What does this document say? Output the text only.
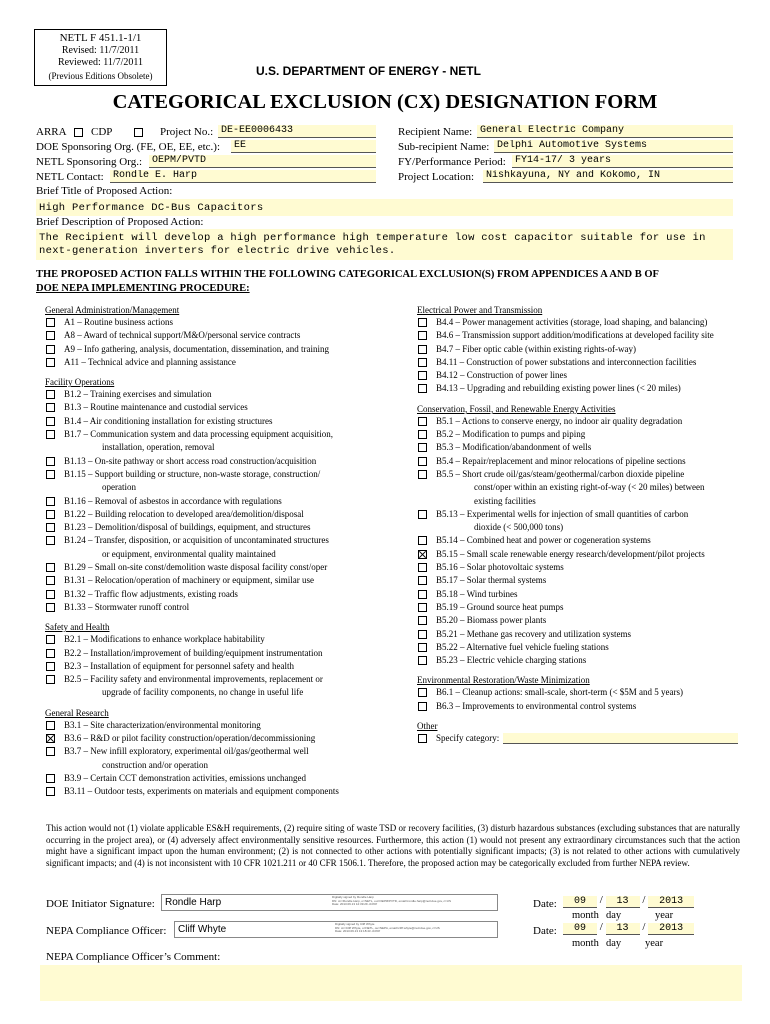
NETL F 451.1-1/1
Revised: 11/7/2011
Reviewed: 11/7/2011
(Previous Editions Obsolete)	U.S. DEPARTMENT OF ENERGY - NETL
CATEGORICAL EXCLUSION (CX) DESIGNATION FORM
ARRA
CDP	Project No.: DE-EE0006433
DOE Sponsoring Org. (FE, OE, EE, etc.):	EE
NETL Sponsoring Org.: OEPM/PVTD
NETL Contact: Rondle E. Harp
Recipient Name: General Electric Company
Sub-recipient Name: Delphi Automotive Systems
FY/Performance Period: FY14-17/ 3 years
Project Location:	Nishkayuna, NY and Kokomo, IN
Brief Title of Proposed Action:
High Performance DC-Bus Capacitors
Brief Description of Proposed Action:
The Recipient will develop a high performance high temperature low cost capacitor suitable for use in
next-generation inverters for electric drive vehicles.
THE PROPOSED ACTION FALLS WITHIN THE FOLLOWING CATEGORICAL EXCLUSION(S) FROM APPENDICES A AND B OF
DOE NEPA IMPLEMENTING PROCEDURE:
General Administration/Management
A1 – Routine business actions
A8 – Award of technical support/M&O/personal service contracts
A9 – Info gathering, analysis, documentation, dissemination, and training
A11 – Technical advice and planning assistance
Facility Operations
B1.2 – Training exercises and simulation
B1.3 – Routine maintenance and custodial services
B1.4 – Air conditioning installation for existing structures
B1.7 – Communication system and data processing equipment acquisition,
installation, operation, removal
B1.13 – On-site pathway or short access road construction/acquisition
B1.15 – Support building or structure, non-waste storage, construction/
operation
B1.16 – Removal of asbestos in accordance with regulations
B1.22 – Building relocation to developed area/demolition/disposal
B1.23 – Demolition/disposal of buildings, equipment, and structures
B1.24 – Transfer, disposition, or acquisition of uncontaminated structures
or equipment, environmental quality maintained
B1.29 – Small on-site const/demolition waste disposal facility const/oper
B1.31 – Relocation/operation of machinery or equipment, similar use
B1.32 – Traffic flow adjustments, existing roads
B1.33 – Stormwater runoff control
Safety and Health
B2.1 – Modifications to enhance workplace habitability
B2.2 – Installation/improvement of building/equipment instrumentation
B2.3 – Installation of equipment for personnel safety and health
B2.5 – Facility safety and environmental improvements, replacement or
upgrade of facility components, no change in useful life
General Research
B3.1 – Site characterization/environmental monitoring
B3.6 – R&D or pilot facility construction/operation/decommissioning
B3.7 – New infill exploratory, experimental oil/gas/geothermal well
construction and/or operation
B3.9 – Certain CCT demonstration activities, emissions unchanged
B3.11 – Outdoor tests, experiments on materials and equipment components
Electrical Power and Transmission
B4.4 – Power management activities (storage, load shaping, and balancing)
B4.6 – Transmission support addition/modifications at developed facility site
B4.7 – Fiber optic cable (within existing rights-of-way)
B4.11 – Construction of power substations and interconnection facilities
B4.12 – Construction of power lines
B4.13 – Upgrading and rebuilding existing power lines (< 20 miles)
Conservation, Fossil, and Renewable Energy Activities
B5.1 – Actions to conserve energy, no indoor air quality degradation
B5.2 – Modification to pumps and piping
B5.3 – Modification/abandonment of wells
B5.4 – Repair/replacement and minor relocations of pipeline sections
B5.5 – Short crude oil/gas/steam/geothermal/carbon dioxide pipeline
const/oper within an existing right-of-way (< 20 miles) between
existing facilities
B5.13 – Experimental wells for injection of small quantities of carbon
dioxide (< 500,000 tons)
B5.14 – Combined heat and power or cogeneration systems
B5.15 – Small scale renewable energy research/development/pilot projects
B5.16 – Solar photovoltaic systems
B5.17 – Solar thermal systems
B5.18 – Wind turbines
B5.19 – Ground source heat pumps
B5.20 – Biomass power plants
B5.21 – Methane gas recovery and utilization systems
B5.22 – Alternative fuel vehicle fueling stations
B5.23 – Electric vehicle charging stations
Environmental Restoration/Waste Minimization
B6.1 – Cleanup actions: small-scale, short-term (< $5M and 5 years)
B6.3 – Improvements to environmental control systems
Other
Specify category:
This action would not (1) violate applicable ES&H requirements, (2) require siting of waste TSD or recovery facilities, (3) disturb hazardous substances (excluding substances that are naturally occurring in the project area), or (4) adversely affect environmentally sensitive resources. Furthermore, this action (1) would not present any extraordinary circumstances such that the action might have a significant impact upon the human environment; (2) is not connected to other actions with potentially significant impacts; (3) is not related to other actions with cumulatively significant impacts; and (4) is not inconsistent with 10 CFR 1021.211 or 40 CFR 1506.1. Therefore, the proposed action may be categorically excluded from further NEPA review.
DOE Initiator Signature:	Rondle Harp	Digitally signed by Rondle Harp
DN: cn=Rondle Harp, o=NETL, ou=OEPM/PVTD, email=rondle.harp@netl.doe.gov, c=US
Date: 2013.09.13 12:39:29 -04'00'
NEPA Compliance Officer:	Cliff Whyte	Digitally signed by Cliff Whyte
DN: cn=Cliff Whyte, o=NETL, ou=NEPA, email=cliff.whyte@netl.doe.gov, c=US
Date: 2013.09.13 13:18:43 -04'00'
Date:	09 / 13 / 2013
month day	year
Date:	09 / 13 / 2013
month day year
NEPA Compliance Officer’s Comment:
